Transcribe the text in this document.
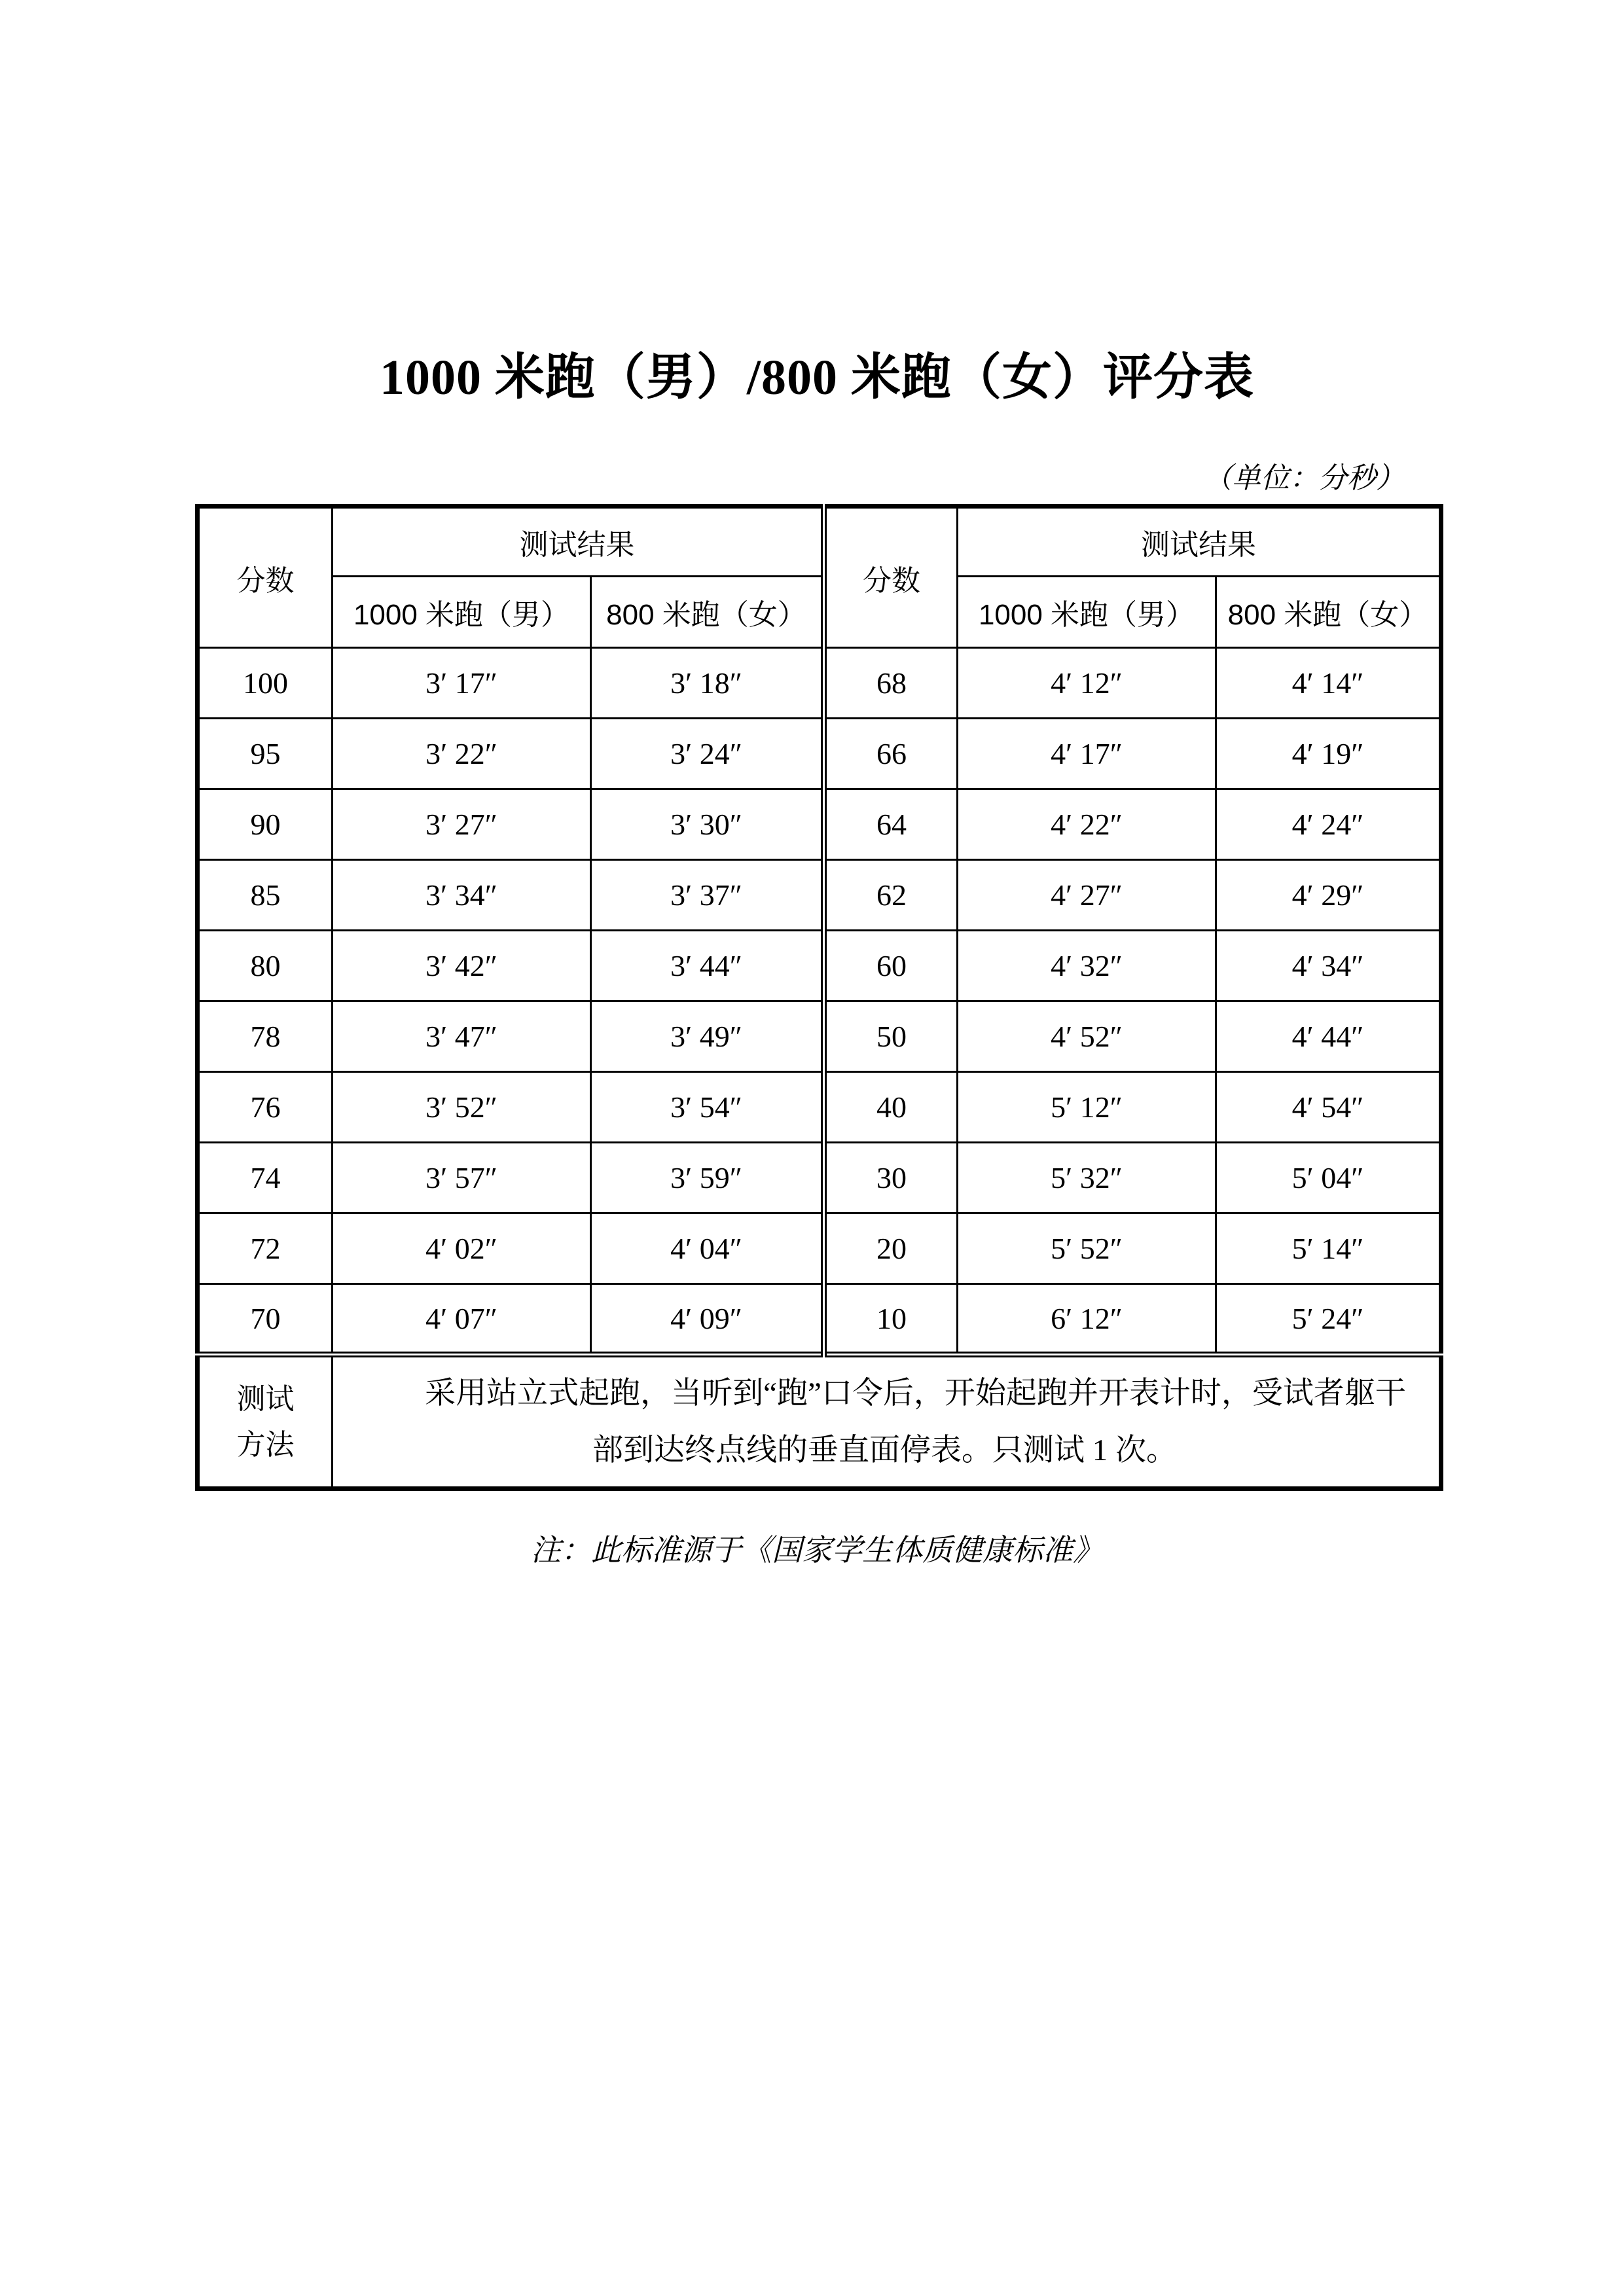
1000 米跑（男）/800 米跑（女）评分表
（单位：分秒）
分数	测试结果		分数	测试结果	
	1000 米跑（男）	800 米跑（女）		1000 米跑（男）	800 米跑（女）
100	3′ 17″	3′ 18″	68	4′ 12″	4′ 14″
95	3′ 22″	3′ 24″	66	4′ 17″	4′ 19″
90	3′ 27″	3′ 30″	64	4′ 22″	4′ 24″
85	3′ 34″	3′ 37″	62	4′ 27″	4′ 29″
80	3′ 42″	3′ 44″	60	4′ 32″	4′ 34″
78	3′ 47″	3′ 49″	50	4′ 52″	4′ 44″
76	3′ 52″	3′ 54″	40	5′ 12″	4′ 54″
74	3′ 57″	3′ 59″	30	5′ 32″	5′ 04″
72	4′ 02″	4′ 04″	20	5′ 52″	5′ 14″
70	4′ 07″	4′ 09″	10	6′ 12″	5′ 24″

测试
方法	采用站立式起跑，当听到“跑”口令后，开始起跑并开表计时，受试者躯干部到达终点线的垂直面停表。只测试 1 次。				
注：此标准源于《国家学生体质健康标准》
